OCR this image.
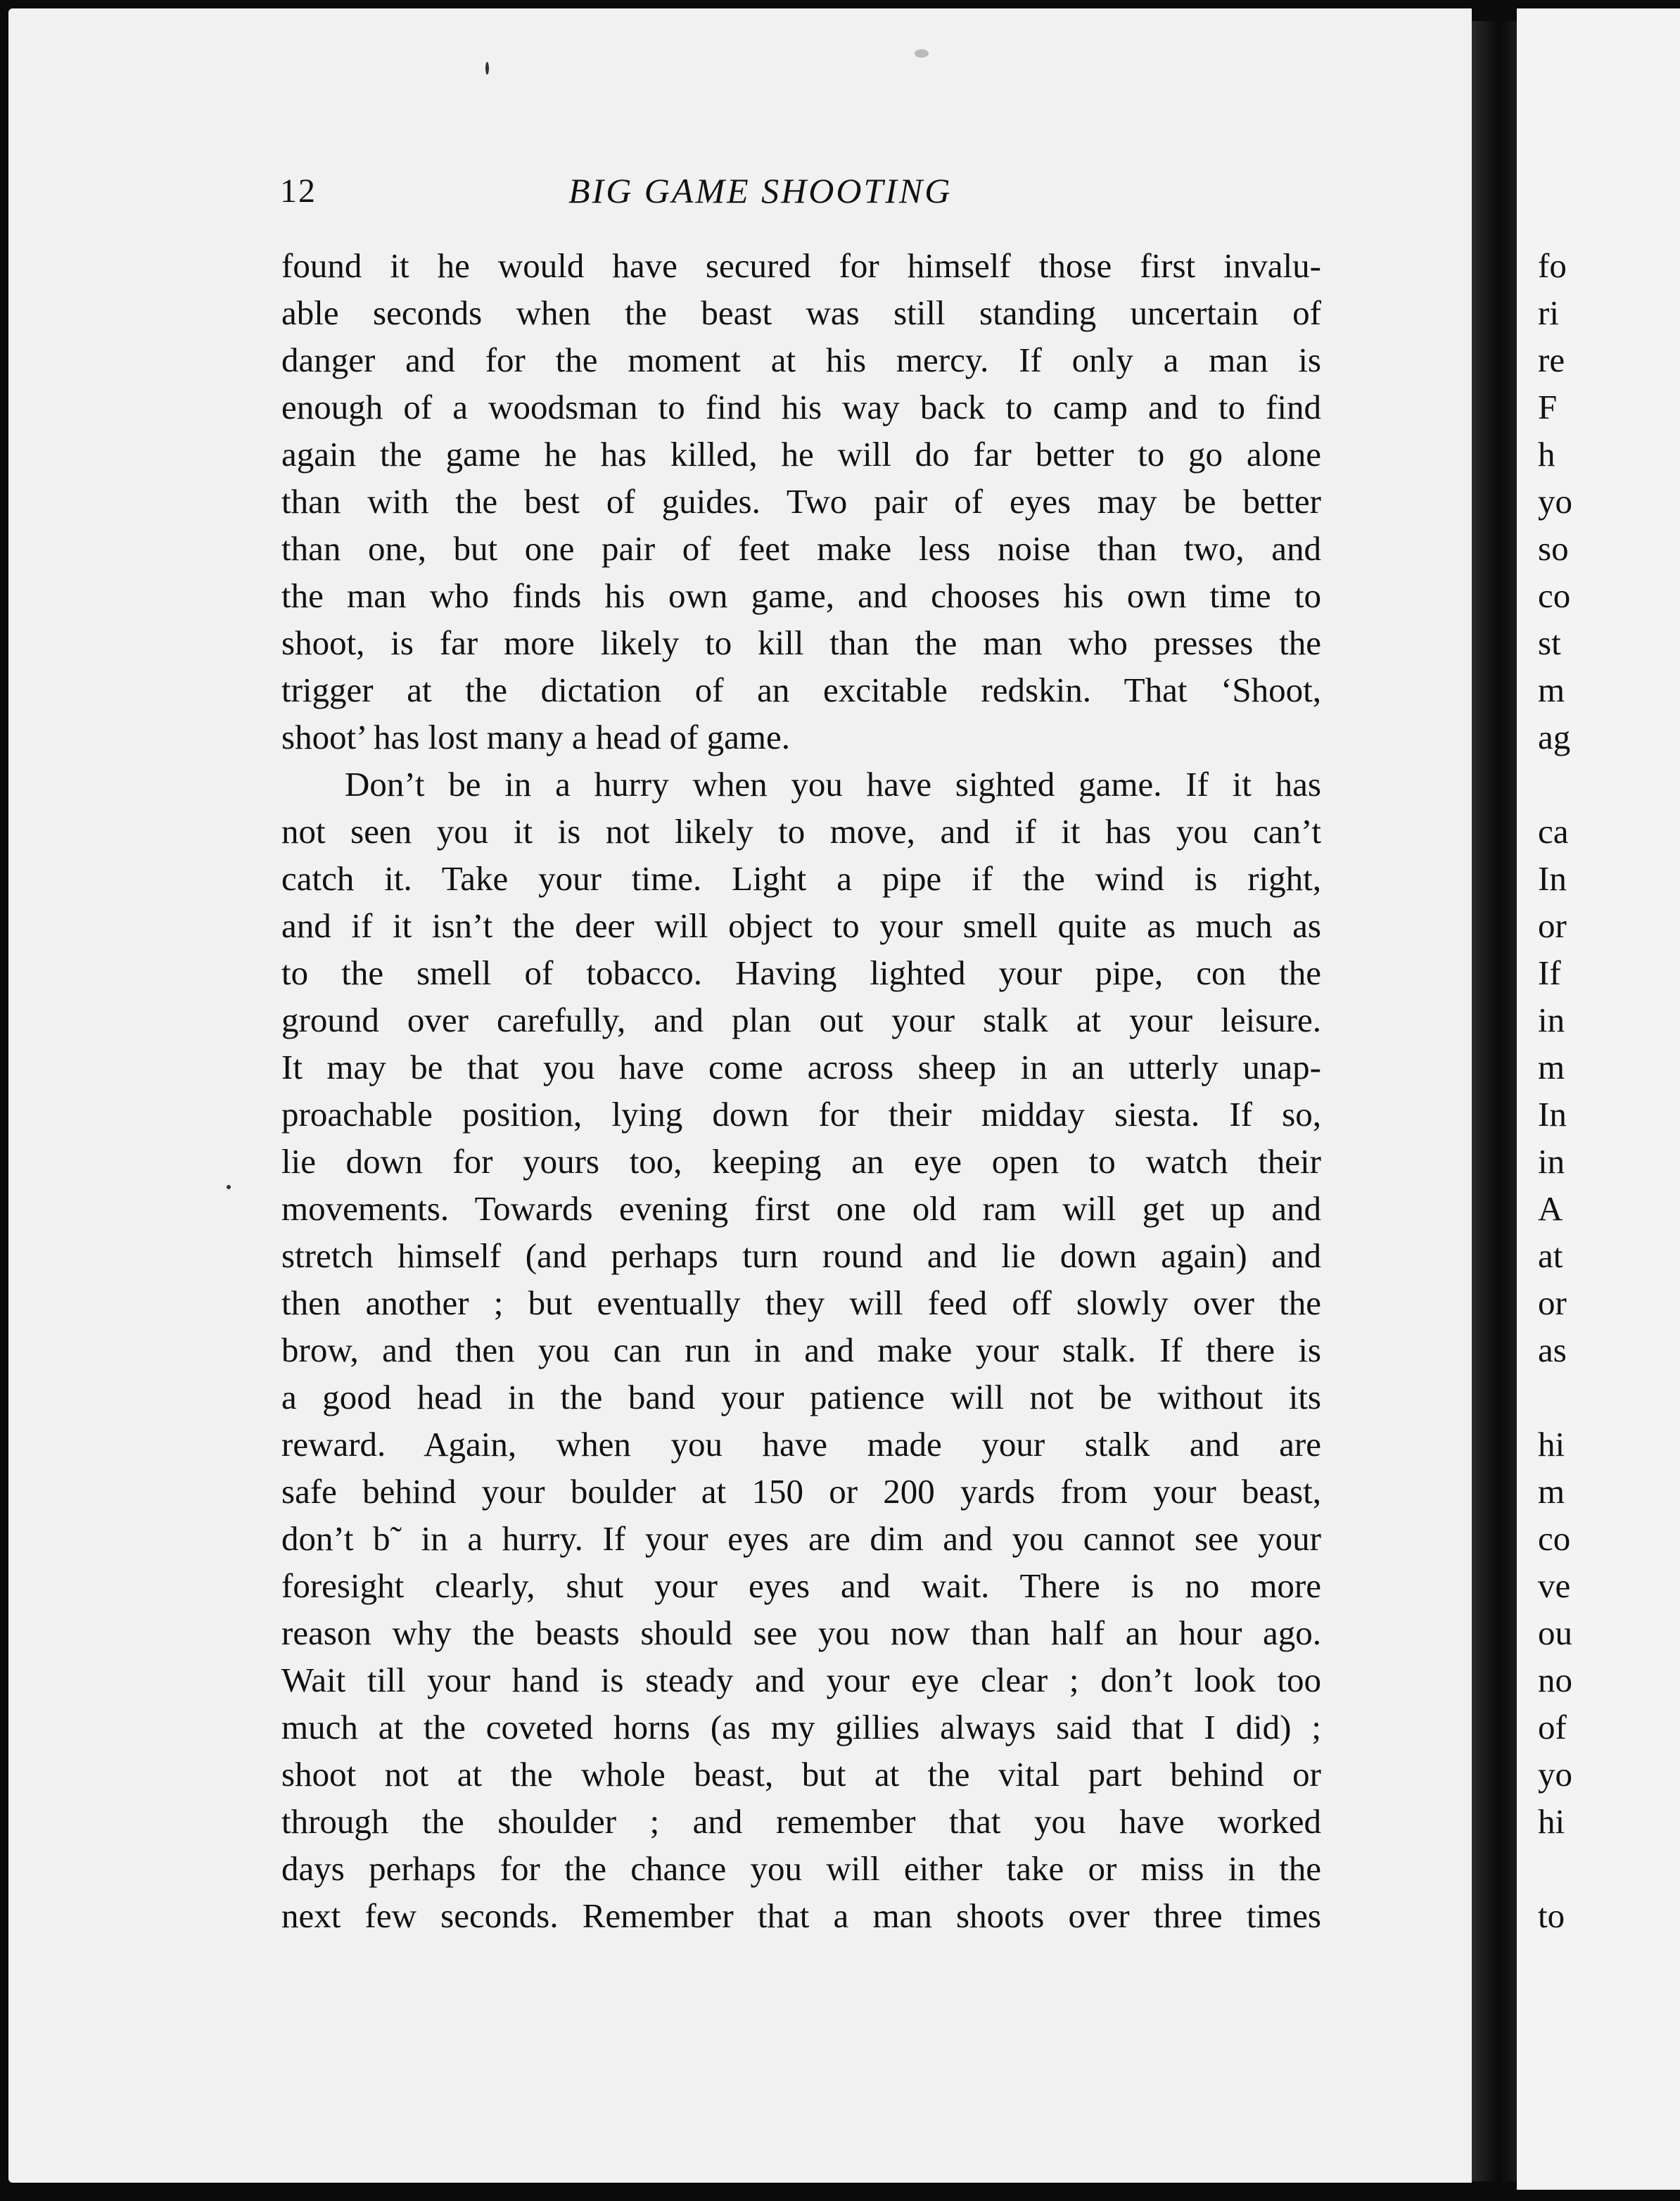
12	BIG GAME SHOOTING
found it he would have secured for himself those first invalu-
able seconds when the beast was still standing uncertain of
danger and for the moment at his mercy. If only a man is
enough of a woodsman to find his way back to camp and to find
again the game he has killed, he will do far better to go alone
than with the best of guides. Two pair of eyes may be better
than one, but one pair of feet make less noise than two, and
the man who finds his own game, and chooses his own time to
shoot, is far more likely to kill than the man who presses the
trigger at the dictation of an excitable redskin. That ‘Shoot,
shoot’ has lost many a head of game.
Don’t be in a hurry when you have sighted game. If it has
not seen you it is not likely to move, and if it has you can’t
catch it. Take your time. Light a pipe if the wind is right,
and if it isn’t the deer will object to your smell quite as much as
to the smell of tobacco. Having lighted your pipe, con the
ground over carefully, and plan out your stalk at your leisure.
It may be that you have come across sheep in an utterly unap-
proachable position, lying down for their midday siesta. If so,
lie down for yours too, keeping an eye open to watch their
movements. Towards evening first one old ram will get up and
stretch himself (and perhaps turn round and lie down again) and
then another ; but eventually they will feed off slowly over the
brow, and then you can run in and make your stalk. If there is
a good head in the band your patience will not be without its
reward. Again, when you have made your stalk and are
safe behind your boulder at 150 or 200 yards from your beast,
don’t b˜ in a hurry. If your eyes are dim and you cannot see your
foresight clearly, shut your eyes and wait. There is no more
reason why the beasts should see you now than half an hour ago.
Wait till your hand is steady and your eye clear ; don’t look too
much at the coveted horns (as my gillies always said that I did) ;
shoot not at the whole beast, but at the vital part behind or
through the shoulder ; and remember that you have worked
days perhaps for the chance you will either take or miss in the
next few seconds. Remember that a man shoots over three times
fo
ri
re
F
h
yo
so
co
st
m
ag
ca
In
or
If
in
m
In
in
A
at
or
as
hi
m
co
ve
ou
no
of
yo
hi
to
